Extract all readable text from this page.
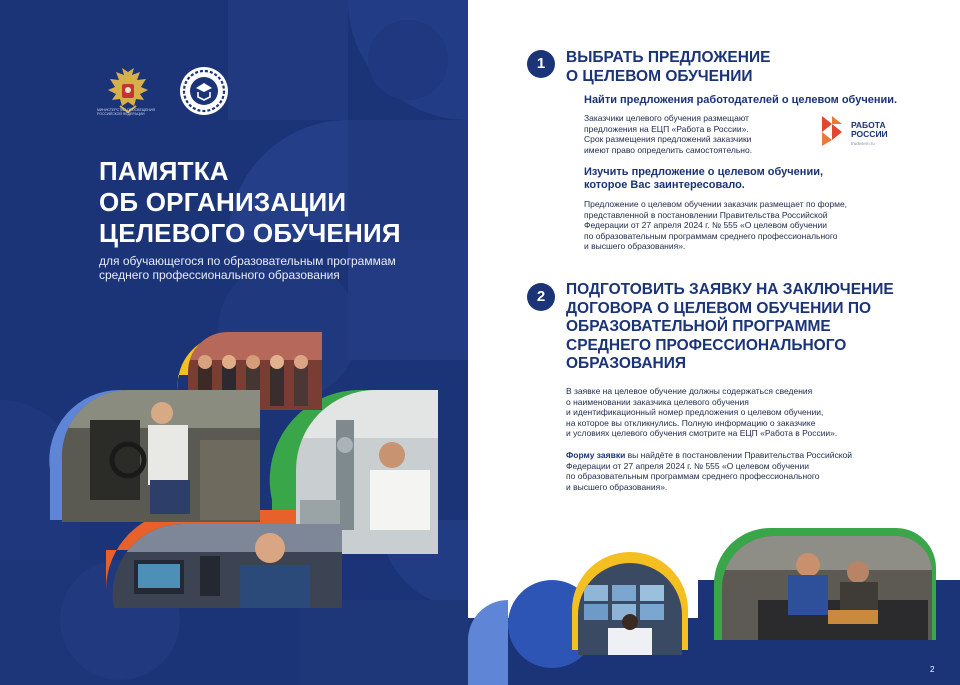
МИНИСТЕРСТВО ПРОСВЕЩЕНИЯ РОССИЙСКОЙ ФЕДЕРАЦИИ
ПАМЯТКА
ОБ ОРГАНИЗАЦИИ
ЦЕЛЕВОГО ОБУЧЕНИЯ
для обучающегося по образовательным программам среднего профессионального образования
1	ВЫБРАТЬ ПРЕДЛОЖЕНИЕ
О ЦЕЛЕВОМ ОБУЧЕНИИ
Найти предложения работодателей о целевом обучении.
Заказчики целевого обучения размещают
предложения на ЕЦП «Работа в России».
Срок размещения предложений заказчики
имеют право определить самостоятельно.
РАБОТА
РОССИИ
trudvsem.ru
Изучить предложение о целевом обучении,
которое Вас заинтересовало.
Предложение о целевом обучении заказчик размещает по форме,
представленной в постановлении Правительства Российской
Федерации от 27 апреля 2024 г. № 555 «О целевом обучении
по образовательным программам среднего профессионального
и высшего образования».
2	ПОДГОТОВИТЬ ЗАЯВКУ НА ЗАКЛЮЧЕНИЕ
ДОГОВОРА О ЦЕЛЕВОМ ОБУЧЕНИИ ПО
ОБРАЗОВАТЕЛЬНОЙ ПРОГРАММЕ
СРЕДНЕГО ПРОФЕССИОНАЛЬНОГО
ОБРАЗОВАНИЯ
В заявке на целевое обучение должны содержаться сведения
о наименовании заказчика целевого обучения
и идентификационный номер предложения о целевом обучении,
на которое вы откликнулись. Полную информацию о заказчике
и условиях целевого обучения смотрите на ЕЦП «Работа в России».
Форму заявки вы найдёте в постановлении Правительства Российской
Федерации от 27 апреля 2024 г. № 555 «О целевом обучении
по образовательным программам среднего профессионального
и высшего образования».
2
